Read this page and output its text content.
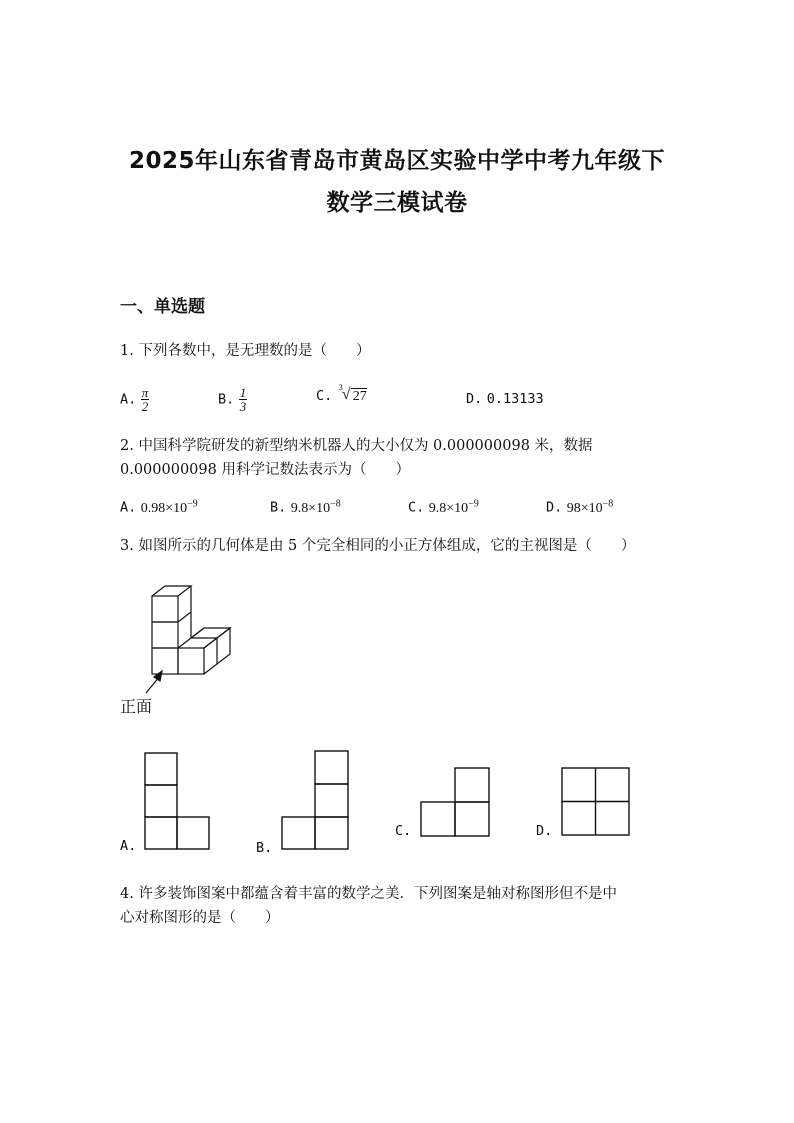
2025年山东省青岛市黄岛区实验中学中考九年级下
数学三模试卷
一、单选题
1. 下列各数中，是无理数的是（　　）
A. $\frac{\pi}{2}$	B. $\frac{1}{3}$	C.
3 √ 27	D. 0.13133
2. 中国科学院研发的新型纳米机器人的大小仅为 0.000000098 米，数据
0.000000098 用科学记数法表示为（　　）
A. $0.98\times 10^{-9}$	B. $9.8\times 10^{-8}$	C. $9.8\times 10^{-9}$	D. $98\times 10^{-8}$
3. 如图所示的几何体是由 5 个完全相同的小正方体组成，它的主视图是（　　）
正面
A.	B.
C.	D.
4. 许多装饰图案中都蕴含着丰富的数学之美．下列图案是轴对称图形但不是中
心对称图形的是（　　）
